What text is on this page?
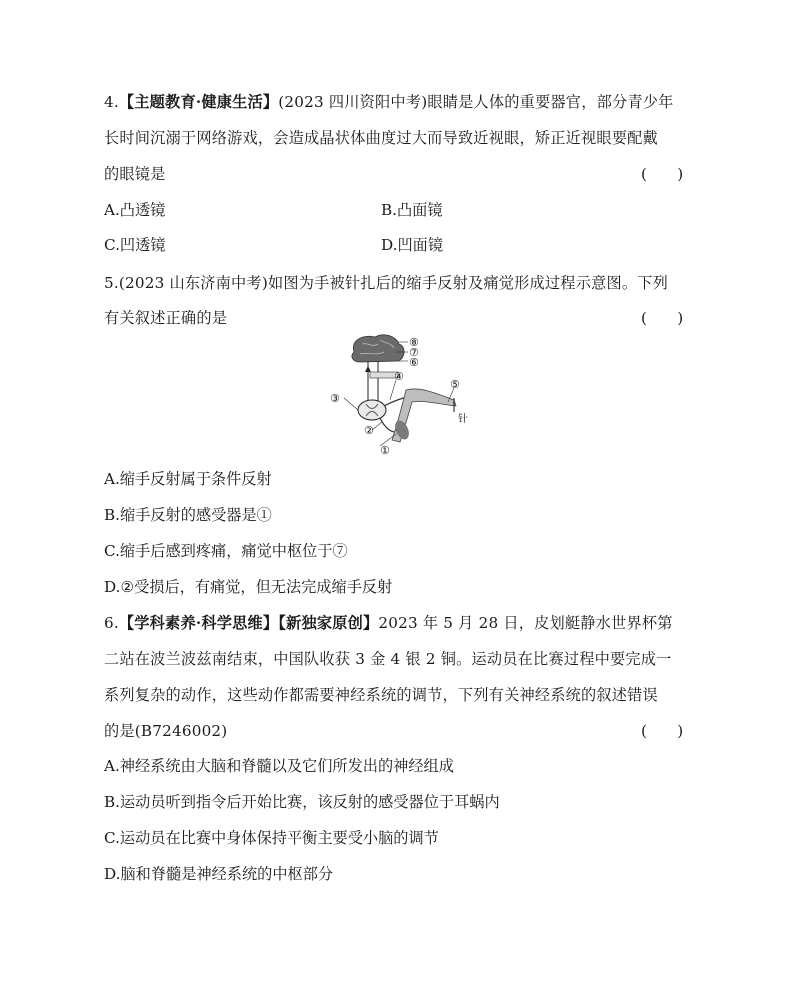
4.【主题教育·健康生活】(2023 四川资阳中考)眼睛是人体的重要器官，部分青少年
长时间沉溺于网络游戏，会造成晶状体曲度过大而导致近视眼，矫正近视眼要配戴
的眼镜是	(　　)
A.凸透镜	B.凸面镜
C.凹透镜	D.凹面镜
5.(2023 山东济南中考)如图为手被针扎后的缩手反射及痛觉形成过程示意图。下列
有关叙述正确的是	(　　)
⑧
⑦
⑥
④
⑤
③
②
①
针
A.缩手反射属于条件反射
B.缩手反射的感受器是①
C.缩手后感到疼痛，痛觉中枢位于⑦
D.②受损后，有痛觉，但无法完成缩手反射
6.【学科素养·科学思维】【新独家原创】2023 年 5 月 28 日，皮划艇静水世界杯第
二站在波兰波兹南结束，中国队收获 3 金 4 银 2 铜。运动员在比赛过程中要完成一
系列复杂的动作，这些动作都需要神经系统的调节，下列有关神经系统的叙述错误
的是(B7246002)	(　　)
A.神经系统由大脑和脊髓以及它们所发出的神经组成
B.运动员听到指令后开始比赛，该反射的感受器位于耳蜗内
C.运动员在比赛中身体保持平衡主要受小脑的调节
D.脑和脊髓是神经系统的中枢部分
